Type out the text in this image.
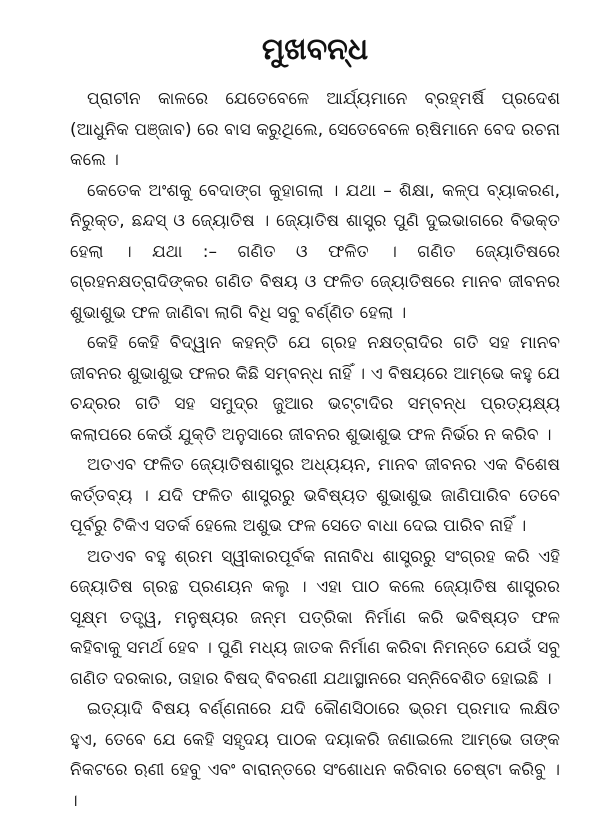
ମୁଖବନ୍ଧ

ପ୍ରାଚୀନ କାଳରେ ଯେତେବେଳେ ଆର୍ଯ୍ୟମାନେ ବ୍ରହ୍ମର୍ଷି ପ୍ରଦେଶ (ଆଧୁନିକ ପଞ୍ଜାବ) ରେ ବାସ କରୁଥିଲେ, ସେତେବେଳେ ଋଷିମାନେ ବେଦ ରଚନା କଲେ ।

କେତେକ ଅଂଶକୁ ବେଦାଙ୍ଗ କୁହାଗଲା । ଯଥା – ଶିକ୍ଷା, କଳ୍ପ ବ୍ୟାକରଣ, ନିରୁକ୍ତ, ଛନ୍ଦସ୍ ଓ ଜ୍ୟୋତିଷ । ଜ୍ୟୋତିଷ ଶାସ୍ତ୍ର ପୁଣି ଦୁଇଭାଗରେ ବିଭକ୍ତ ହେଲା । ଯଥା :– ଗଣିତ ଓ ଫଳିତ । ଗଣିତ ଜ୍ୟୋତିଷରେ ଗ୍ରହନକ୍ଷତ୍ରାଦିଙ୍କର ଗଣିତ ବିଷୟ ଓ ଫଳିତ ଜ୍ୟୋତିଷରେ ମାନବ ଜୀବନର ଶୁଭାଶୁଭ ଫଳ ଜାଣିବା ଲାଗି ବିଧି ସବୁ ବର୍ଣ୍ଣିତ ହେଲା ।

କେହି କେହି ବିଦ୍ୱାନ କହନ୍ତି ଯେ ଗ୍ରହ ନକ୍ଷତ୍ରାଦିର ଗତି ସହ ମାନବ ଜୀବନର ଶୁଭାଶୁଭ ଫଳର କିଛି ସମ୍ବନ୍ଧ ନାହିଁ । ଏ ବିଷୟରେ ଆମ୍ଭେ କହୁ ଯେ ଚନ୍ଦ୍ରର ଗତି ସହ ସମୁଦ୍ର ଜୁଆର ଭଟ୍ଟାଦିର ସମ୍ବନ୍ଧ ପ୍ରତ୍ୟକ୍ଷ୍ୟ କଲାପରେ କେଉଁ ଯୁକ୍ତି ଅନୁସାରେ ଜୀବନର ଶୁଭାଶୁଭ ଫଳ ନିର୍ଭର ନ କରିବ ।

ଅତଏବ ଫଳିତ ଜ୍ୟୋତିଷଶାସ୍ତ୍ର ଅଧ୍ୟୟନ, ମାନବ ଜୀବନର ଏକ ବିଶେଷ କର୍ତ୍ତବ୍ୟ । ଯଦି ଫଳିତ ଶାସ୍ତ୍ରରୁ ଭବିଷ୍ୟତ ଶୁଭାଶୁଭ ଜାଣିପାରିବ ତେବେ ପୂର୍ବରୁ ଟିକିଏ ସତର୍କ ହେଲେ ଅଶୁଭ ଫଳ ସେତେ ବାଧା ଦେଇ ପାରିବ ନାହିଁ ।

ଅତଏବ ବହୁ ଶ୍ରମ ସ୍ୱୀକାରପୂର୍ବକ ନାନାବିଧ ଶାସ୍ତ୍ରରୁ ସଂଗ୍ରହ କରି ଏହି ଜ୍ୟୋତିଷ ଗ୍ରନ୍ଥ ପ୍ରଣୟନ କଲୁ । ଏହା ପାଠ କଲେ ଜ୍ୟୋତିଷ ଶାସ୍ତ୍ରର ସୂକ୍ଷ୍ମ ତତ୍ତ୍ୱ, ମନୁଷ୍ୟର ଜନ୍ମ ପତ୍ରିକା ନିର୍ମାଣ କରି ଭବିଷ୍ୟତ ଫଳ କହିବାକୁ ସମର୍ଥ ହେବ । ପୁଣି ମଧ୍ୟ ଜାତକ ନିର୍ମାଣ କରିବା ନିମନ୍ତେ ଯେଉଁ ସବୁ ଗଣିତ ଦରକାର, ତାହାର ବିଷଦ୍ ବିବରଣୀ ଯଥାସ୍ଥାନରେ ସନ୍ନିବେଶିତ ହୋଇଛି ।

ଇତ୍ୟାଦି ବିଷୟ ବର୍ଣ୍ଣନାରେ ଯଦି କୌଣସିଠାରେ ଭ୍ରମ ପ୍ରମାଦ ଲକ୍ଷିତ ହୁଏ, ତେବେ ଯେ କେହି ସହୃଦୟ ପାଠକ ଦୟାକରି ଜଣାଇଲେ ଆମ୍ଭେ ତାଙ୍କ ନିକଟରେ ଋଣୀ ହେବୁ ଏବଂ ବାରାନ୍ତରେ ସଂଶୋଧନ କରିବାର ଚେଷ୍ଟା କରିବୁ । ।
